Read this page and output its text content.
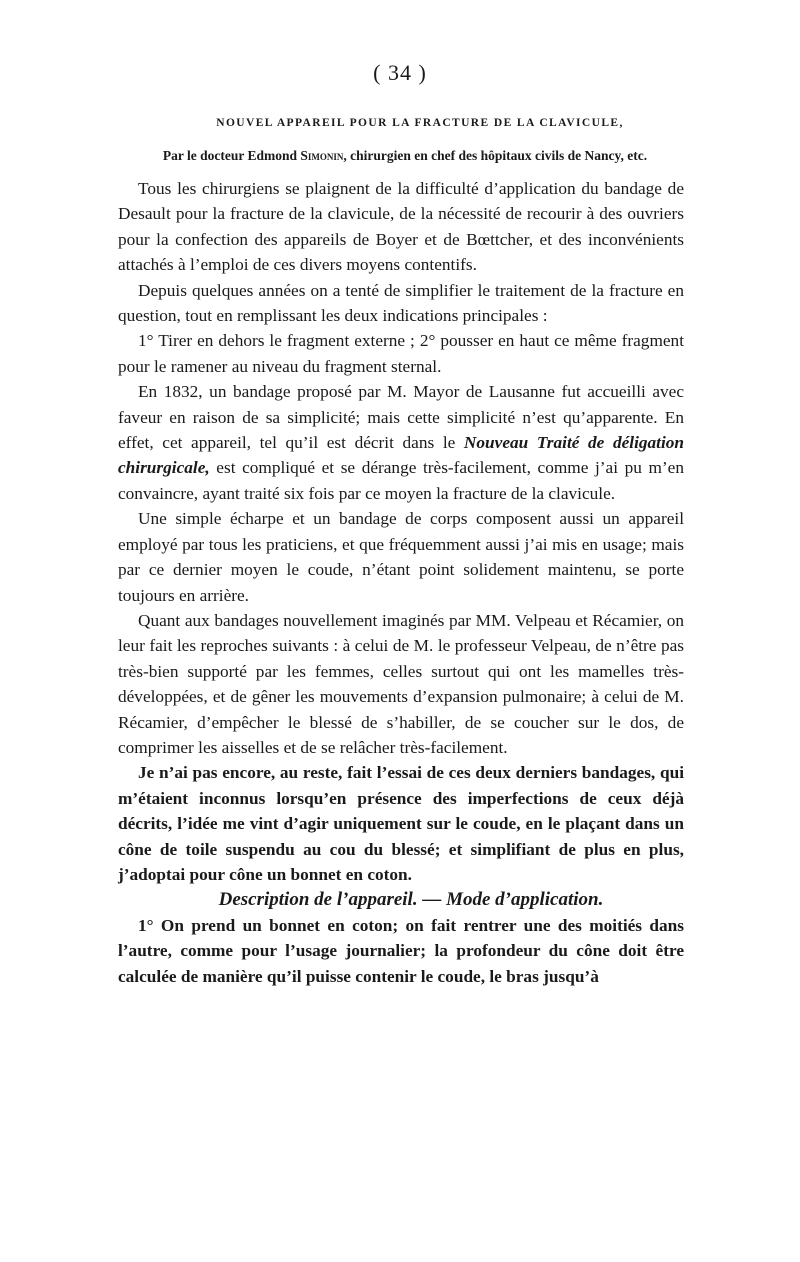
( 34 )
NOUVEL APPAREIL POUR LA FRACTURE DE LA CLAVICULE,
Par le docteur Edmond Simonin, chirurgien en chef des hôpitaux civils de Nancy, etc.

Tous les chirurgiens se plaignent de la difficulté d’application du bandage de Desault pour la fracture de la clavicule, de la nécessité de recourir à des ouvriers pour la confection des appareils de Boyer et de Bœttcher, et des inconvénients attachés à l’emploi de ces divers moyens contentifs.

Depuis quelques années on a tenté de simplifier le traitement de la fracture en question, tout en remplissant les deux indications principales :

1° Tirer en dehors le fragment externe ; 2° pousser en haut ce même fragment pour le ramener au niveau du fragment sternal.

En 1832, un bandage proposé par M. Mayor de Lausanne fut accueilli avec faveur en raison de sa simplicité; mais cette simplicité n’est qu’apparente. En effet, cet appareil, tel qu’il est décrit dans le Nouveau Traité de déligation chirurgicale, est compliqué et se dérange très-facilement, comme j’ai pu m’en convaincre, ayant traité six fois par ce moyen la fracture de la clavicule.

Une simple écharpe et un bandage de corps composent aussi un appareil employé par tous les praticiens, et que fréquemment aussi j’ai mis en usage; mais par ce dernier moyen le coude, n’étant point solidement maintenu, se porte toujours en arrière.

Quant aux bandages nouvellement imaginés par MM. Velpeau et Récamier, on leur fait les reproches suivants : à celui de M. le professeur Velpeau, de n’être pas très-bien supporté par les femmes, celles surtout qui ont les mamelles très-développées, et de gêner les mouvements d’expansion pulmonaire; à celui de M. Récamier, d’empêcher le blessé de s’habiller, de se coucher sur le dos, de comprimer les aisselles et de se relâcher très-facilement.

Je n’ai pas encore, au reste, fait l’essai de ces deux derniers bandages, qui m’étaient inconnus lorsqu’en présence des imperfections de ceux déjà décrits, l’idée me vint d’agir uniquement sur le coude, en le plaçant dans un cône de toile suspendu au cou du blessé; et simplifiant de plus en plus, j’adoptai pour cône un bonnet en coton.

Description de l’appareil. — Mode d’application.

1° On prend un bonnet en coton; on fait rentrer une des moitiés dans l’autre, comme pour l’usage journalier; la profondeur du cône doit être calculée de manière qu’il puisse contenir le coude, le bras jusqu’à
